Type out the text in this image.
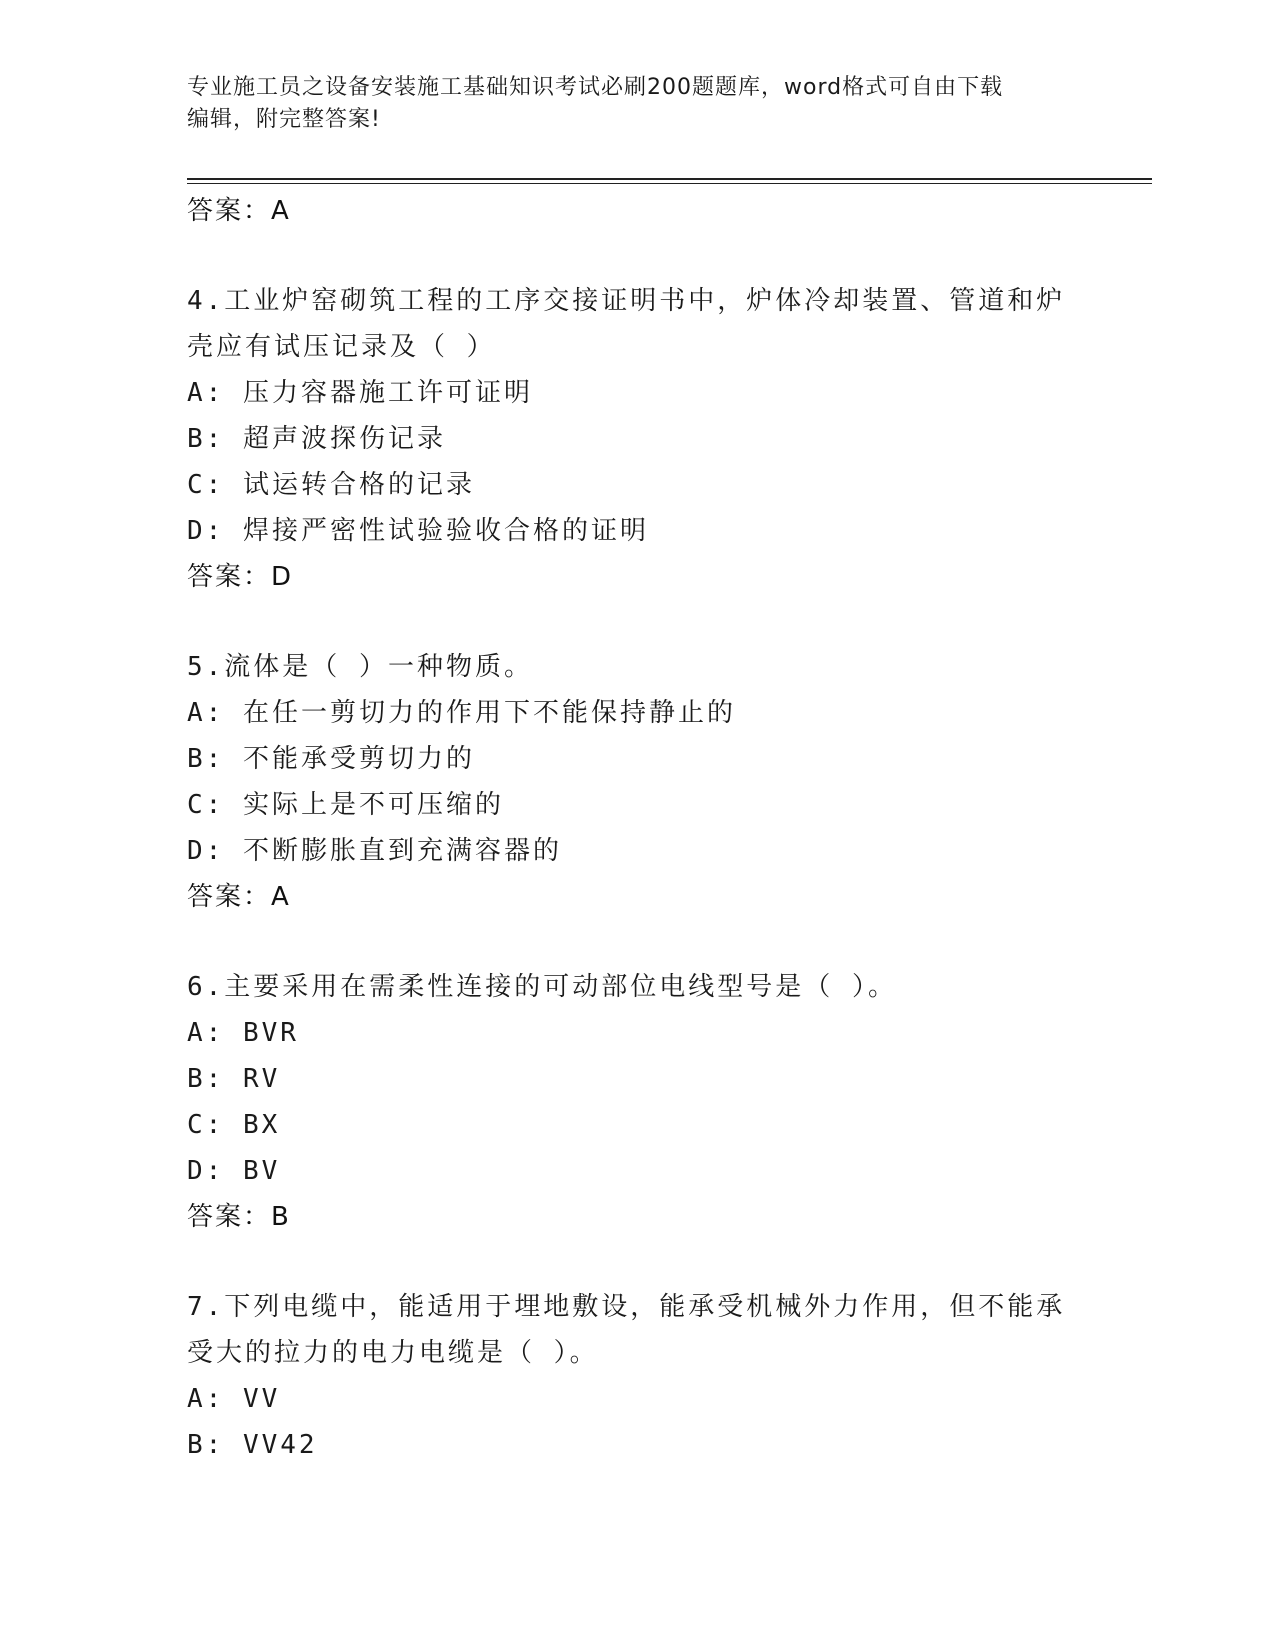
专业施工员之设备安装施工基础知识考试必刷200题题库，word格式可自由下载
编辑，附完整答案!
答案：A
4.工业炉窑砌筑工程的工序交接证明书中，炉体冷却装置、管道和炉
壳应有试压记录及（ ）
A: 压力容器施工许可证明
B: 超声波探伤记录
C: 试运转合格的记录
D: 焊接严密性试验验收合格的证明
答案：D
5.流体是（ ）一种物质。
A: 在任一剪切力的作用下不能保持静止的
B: 不能承受剪切力的
C: 实际上是不可压缩的
D: 不断膨胀直到充满容器的
答案：A
6.主要采用在需柔性连接的可动部位电线型号是（ ）。
A: BVR
B: RV
C: BX
D: BV
答案：B
7.下列电缆中，能适用于埋地敷设，能承受机械外力作用，但不能承
受大的拉力的电力电缆是（ ）。
A: VV
B: VV42
